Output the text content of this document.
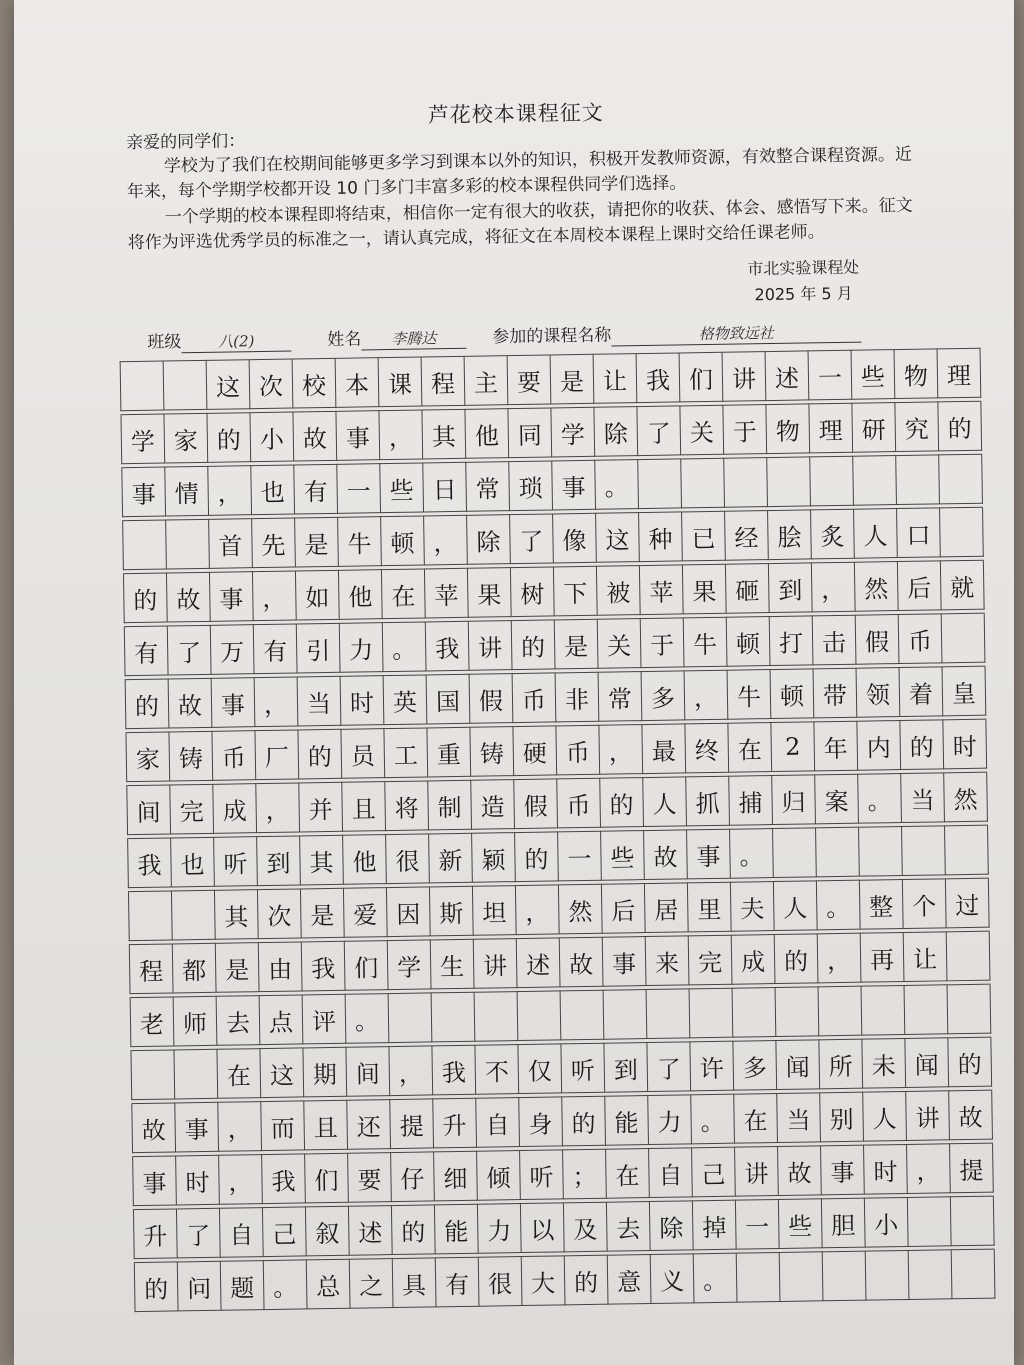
芦花校本课程征文
亲爱的同学们：

学校为了我们在校期间能够更多学习到课本以外的知识，积极开发教师资源，有效整合课程资源。近年来，每个学期学校都开设 10 门多门丰富多彩的校本课程供同学们选择。

一个学期的校本课程即将结束，相信你一定有很大的收获，请把你的收获、体会、感悟写下来。征文将作为评选优秀学员的标准之一，请认真完成，将征文在本周校本课程上课时交给任课老师。

市北实验课程处
2025 年 5 月
班级 八(2)	姓名 李腾达	参加的课程名称	格物致远社
		这	次	校	本	课	程	主	要	是	让	我	们	讲	述	一	些	物	理

学	家	的	小	故	事	，	其	他	同	学	除	了	关	于	物	理	研	究	的

事	情	，	也	有	一	些	日	常	琐	事	。								

		首	先	是	牛	顿	，	除	了	像	这	种	已	经	脍	炙	人	口	

的	故	事	，	如	他	在	苹	果	树	下	被	苹	果	砸	到	，	然	后	就

有	了	万	有	引	力	。	我	讲	的	是	关	于	牛	顿	打	击	假	币	

的	故	事	，	当	时	英	国	假	币	非	常	多	，	牛	顿	带	领	着	皇

家	铸	币	厂	的	员	工	重	铸	硬	币	，	最	终	在	2	年	内	的	时

间	完	成	，	并	且	将	制	造	假	币	的	人	抓	捕	归	案	。	当	然

我	也	听	到	其	他	很	新	颖	的	一	些	故	事	。					

		其	次	是	爱	因	斯	坦	，	然	后	居	里	夫	人	。	整	个	过

程	都	是	由	我	们	学	生	讲	述	故	事	来	完	成	的	，	再	让	

老	师	去	点	评	。														

		在	这	期	间	，	我	不	仅	听	到	了	许	多	闻	所	未	闻	的

故	事	，	而	且	还	提	升	自	身	的	能	力	。	在	当	别	人	讲	故

事	时	，	我	们	要	仔	细	倾	听	；	在	自	己	讲	故	事	时	，	提

升	了	自	己	叙	述	的	能	力	以	及	去	除	掉	一	些	胆	小		

的	问	题	。	总	之	具	有	很	大	的	意	义	。						
